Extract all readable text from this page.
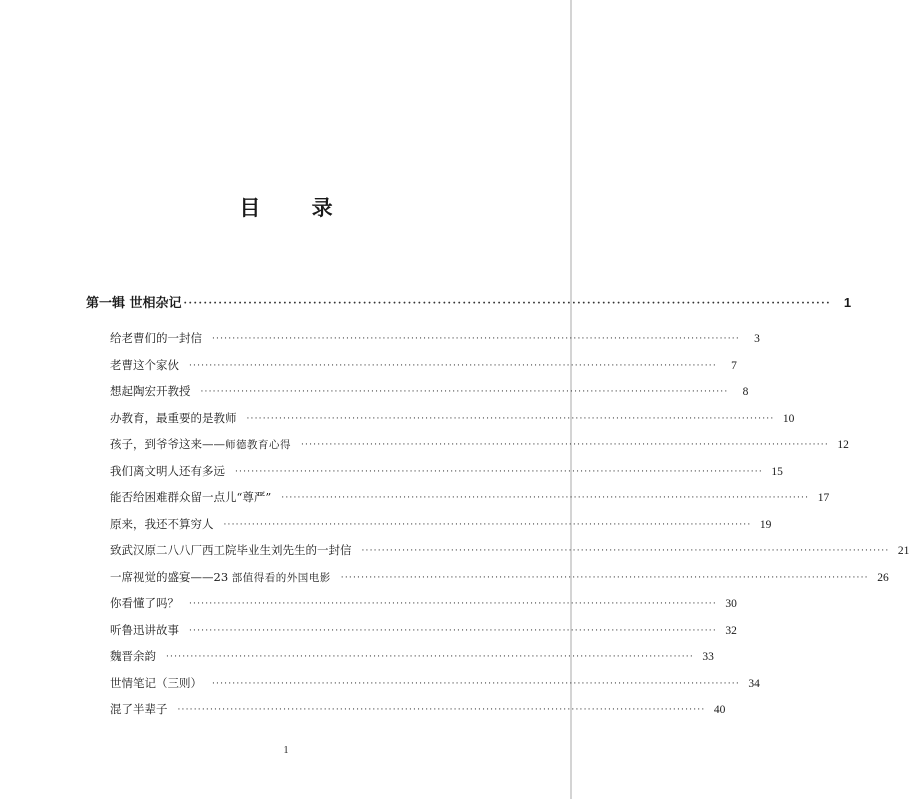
目 录
第一辑 世相杂记 ·································································································································· 1
给老曹们的一封信 ··································································································································	3
老曹这个家伙 ··································································································································	7
想起陶宏开教授 ··································································································································	8
办教育，最重要的是教师 ·································································································································· 10
孩子，到爷爷这来——师德教育心得 ·································································································································· 12
我们离文明人还有多远 ·································································································································· 15
能否给困难群众留一点儿“尊严” ·································································································································· 17
原来，我还不算穷人 ·································································································································· 19
致武汉原二八八厂西工院毕业生刘先生的一封信 ·································································································································· 21
一席视觉的盛宴——23 部值得看的外国电影 ·································································································································· 26
你看懂了吗？ ·································································································································· 30
听鲁迅讲故事 ·································································································································· 32
魏晋余韵 ·································································································································· 33
世情笔记（三则） ·································································································································· 34
混了半辈子 ·································································································································· 40
1
